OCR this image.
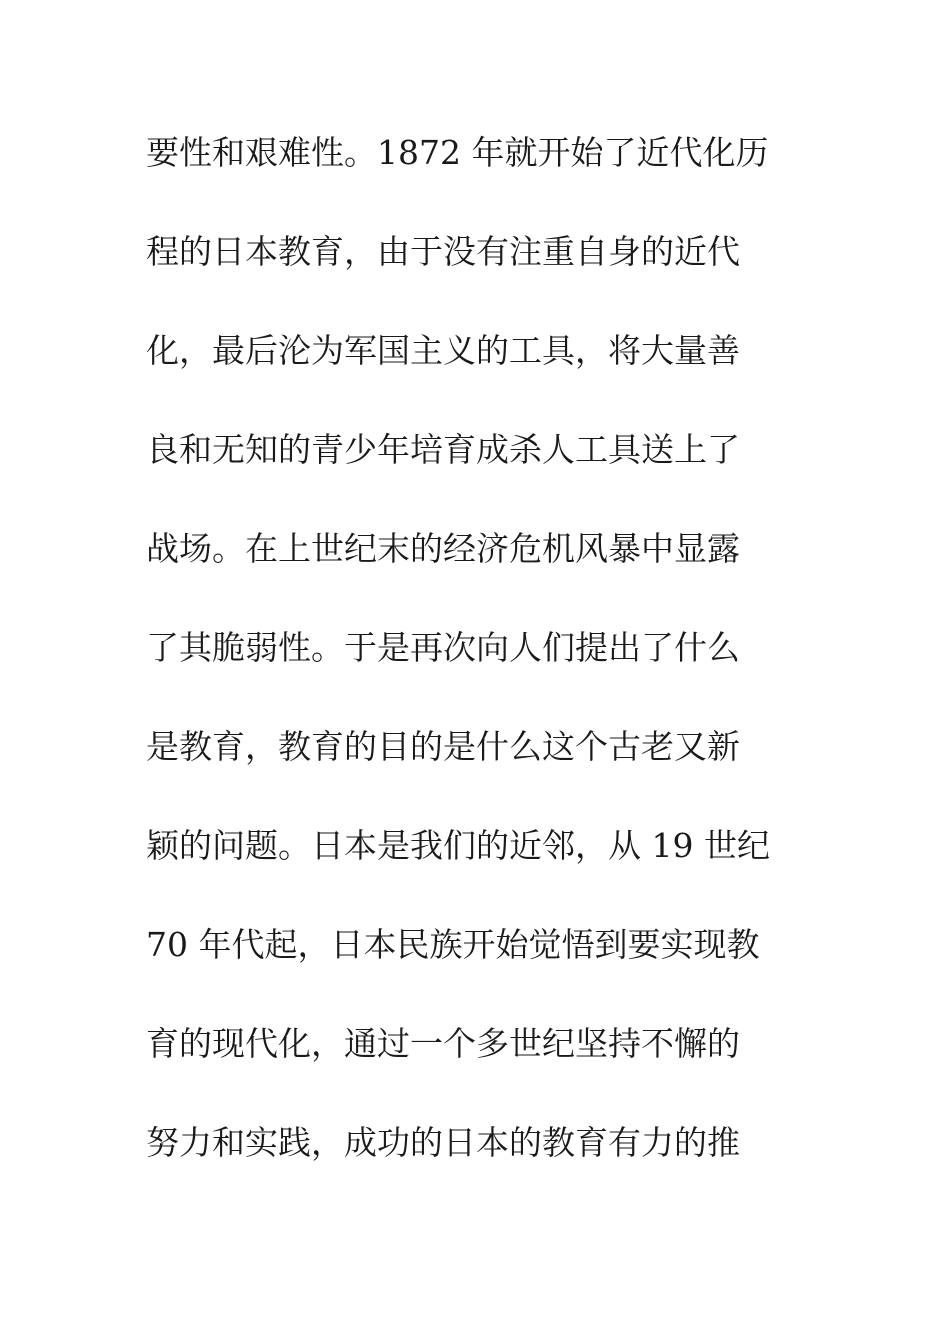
要性和艰难性。1872 年就开始了近代化历
程的日本教育，由于没有注重自身的近代
化，最后沦为军国主义的工具，将大量善
良和无知的青少年培育成杀人工具送上了
战场。在上世纪末的经济危机风暴中显露
了其脆弱性。于是再次向人们提出了什么
是教育，教育的目的是什么这个古老又新
颖的问题。日本是我们的近邻，从 19 世纪
70 年代起，日本民族开始觉悟到要实现教
育的现代化，通过一个多世纪坚持不懈的
努力和实践，成功的日本的教育有力的推
